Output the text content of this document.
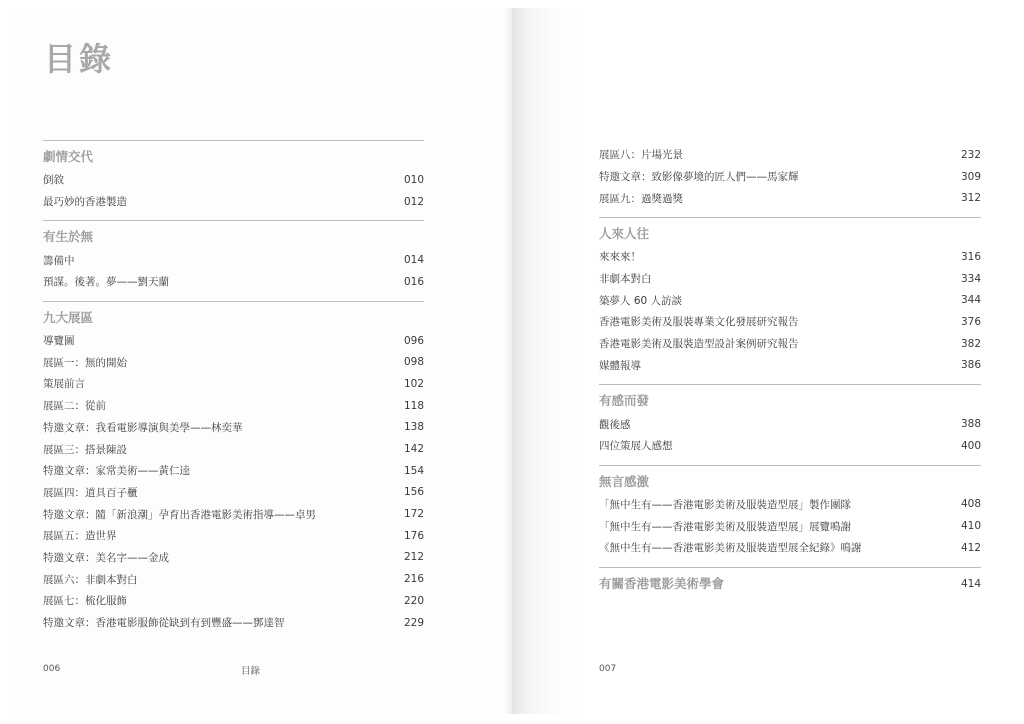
目錄
劇情交代
倒敘	010
最巧妙的香港製造	012
有生於無
籌備中	014
預謀。後著。夢——劉天蘭	016
九大展區
導覽圖	096
展區一：無的開始	098
策展前言	102
展區二：從前	118
特邀文章：我看電影導演與美學——林奕華	138
展區三：搭景陳設	142
特邀文章：家常美術——黃仁逵	154
展區四：道具百子櫃	156
特邀文章：隨「新浪潮」孕育出香港電影美術指導——卓男	172
展區五：造世界	176
特邀文章：美名字——金成	212
展區六：非劇本對白	216
展區七：梳化服飾	220
特邀文章：香港電影服飾從缺到有到豐盛——鄧達智	229
展區八：片場光景	232
特邀文章：致影像夢境的匠人們——馬家輝	309
展區九：過獎過獎	312
人來人往
來來來！	316
非劇本對白	334
築夢人 60 人訪談	344
香港電影美術及服裝專業文化發展研究報告	376
香港電影美術及服裝造型設計案例研究報告	382
媒體報導	386
有感而發
觀後感	388
四位策展人感想	400
無言感激
「無中生有——香港電影美術及服裝造型展」製作團隊	408
「無中生有——香港電影美術及服裝造型展」展覽鳴謝	410
《無中生有——香港電影美術及服裝造型展全紀錄》鳴謝	412
有關香港電影美術學會	414
006	目錄	007
